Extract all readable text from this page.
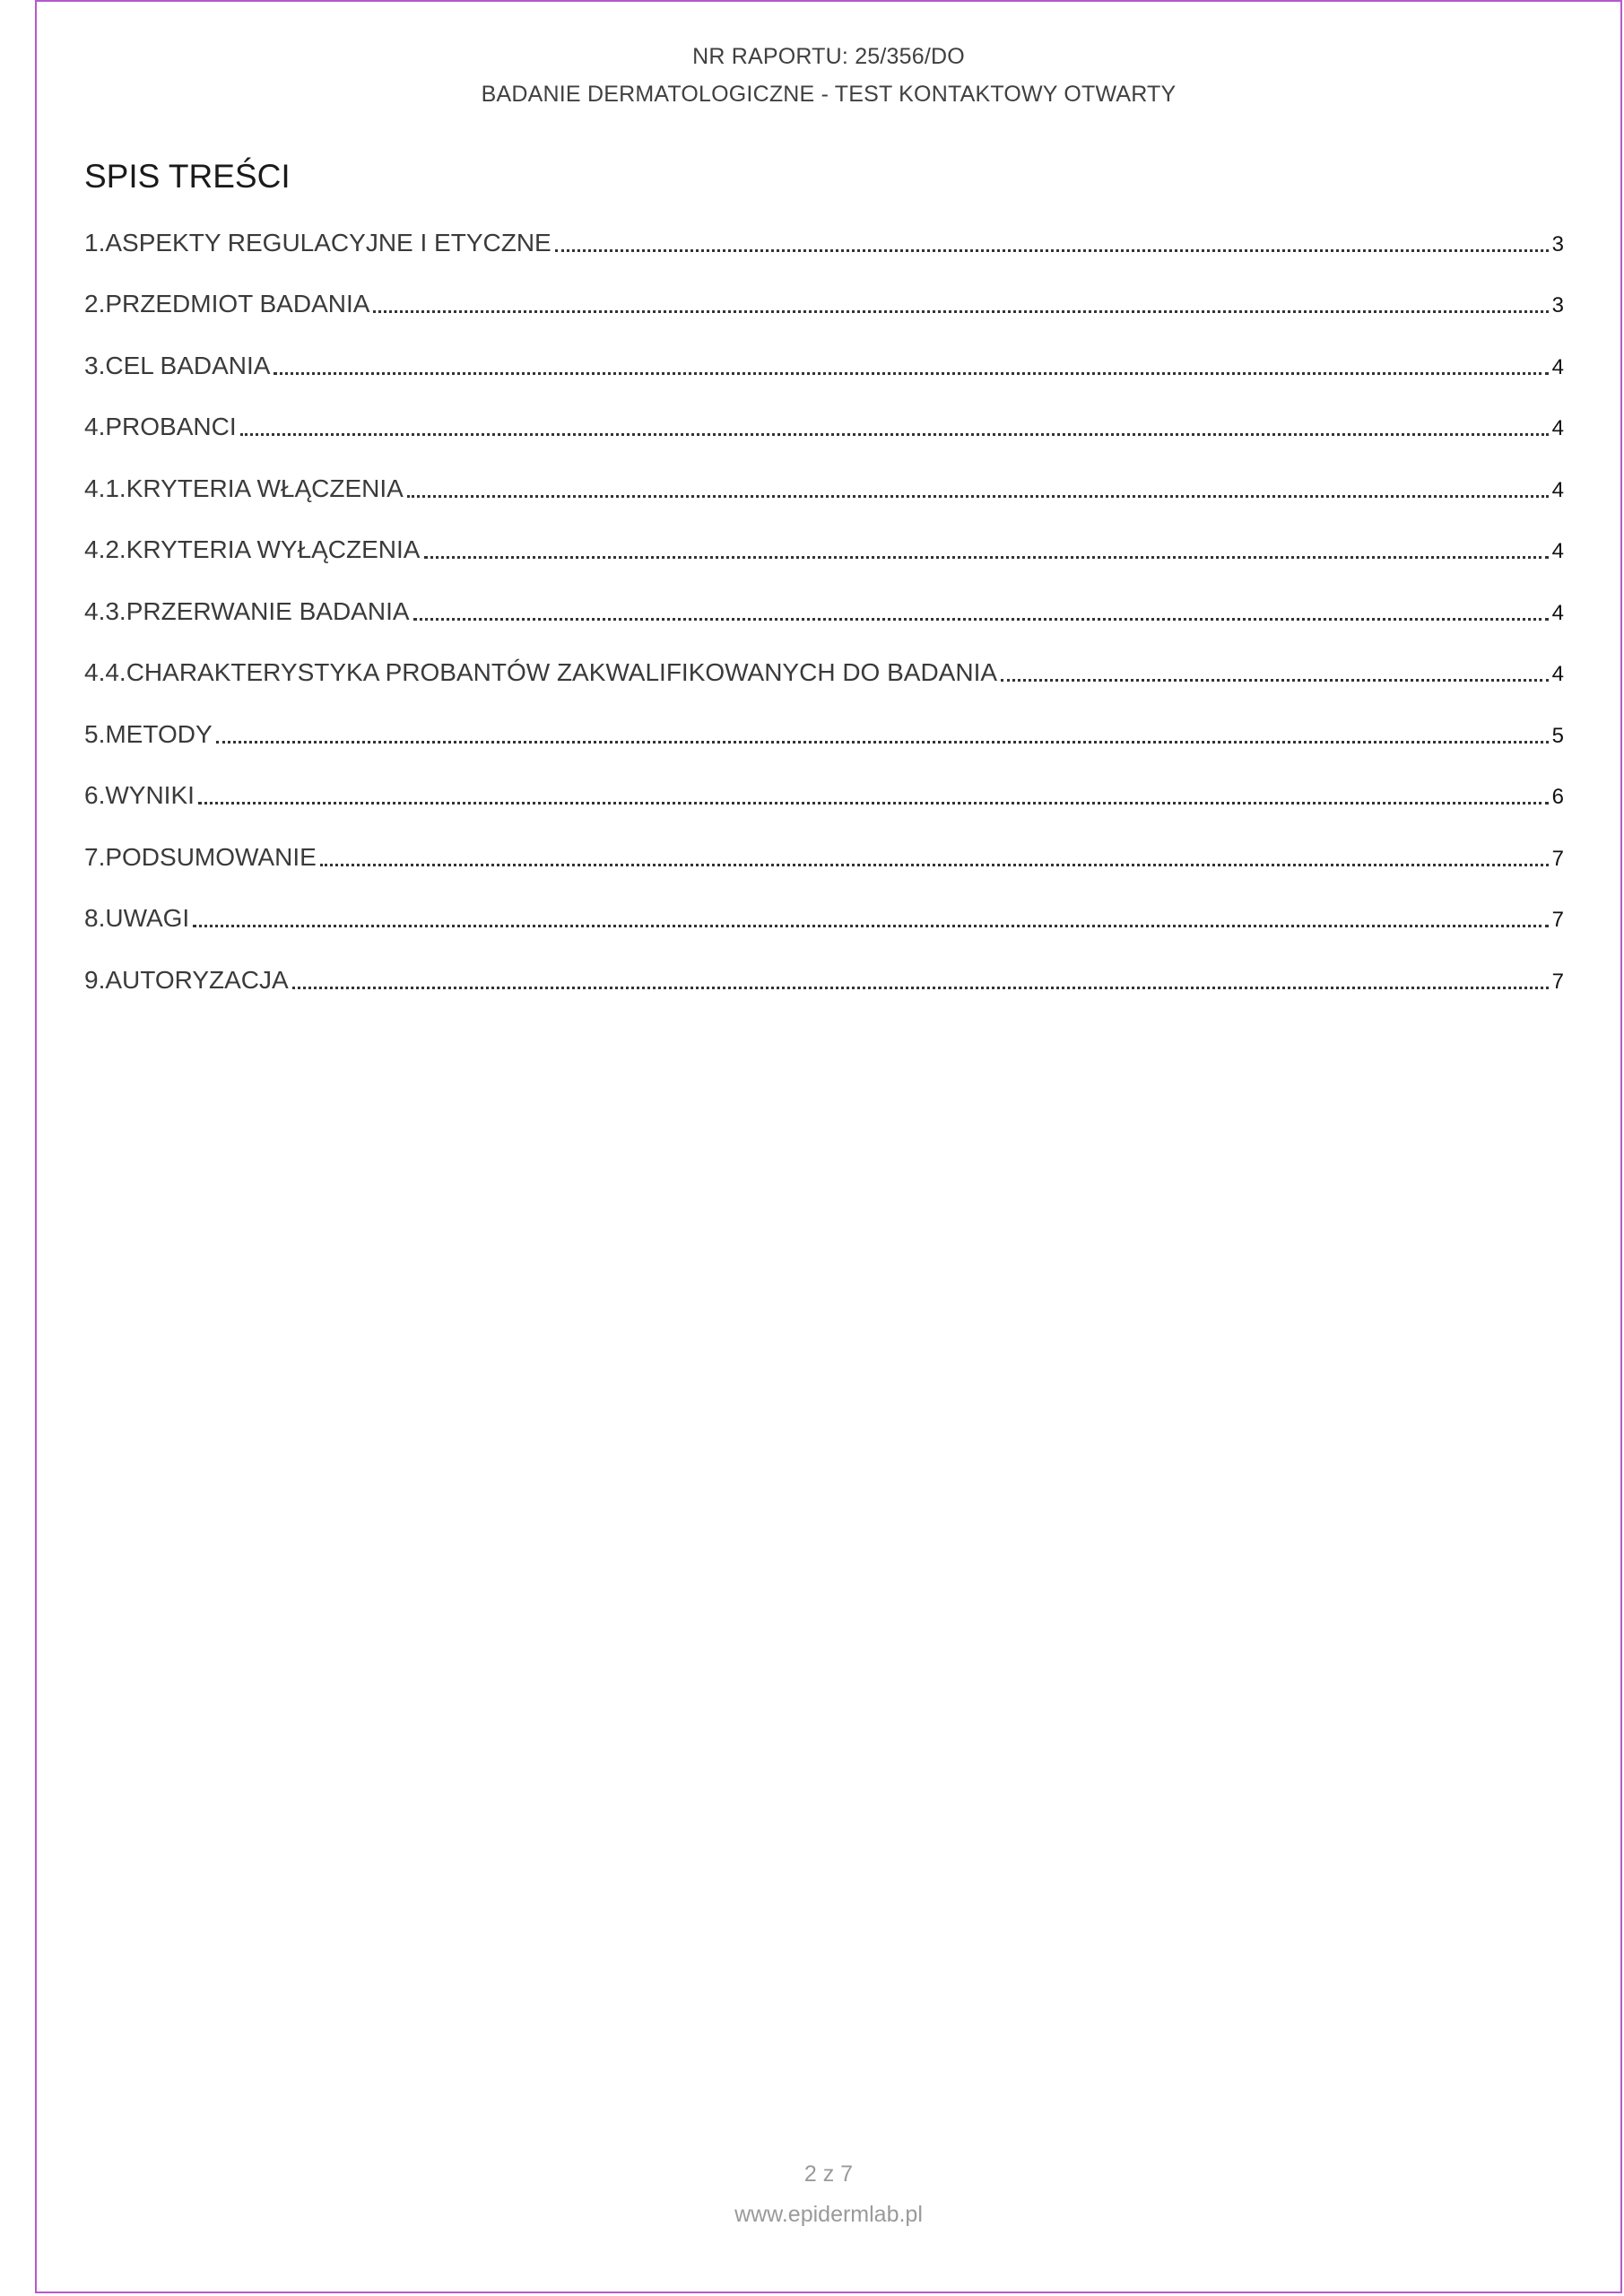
NR RAPORTU: 25/356/DO
BADANIE DERMATOLOGICZNE - TEST KONTAKTOWY OTWARTY
SPIS TREŚCI
1.ASPEKTY REGULACYJNE I ETYCZNE	3
2.PRZEDMIOT BADANIA	3
3.CEL BADANIA	4
4.PROBANCI	4
4.1.KRYTERIA WŁĄCZENIA	4
4.2.KRYTERIA WYŁĄCZENIA	4
4.3.PRZERWANIE BADANIA	4
4.4.CHARAKTERYSTYKA PROBANTÓW ZAKWALIFIKOWANYCH DO BADANIA	4
5.METODY	5
6.WYNIKI	6
7.PODSUMOWANIE	7
8.UWAGI	7
9.AUTORYZACJA	7
2 z 7
www.epidermlab.pl
